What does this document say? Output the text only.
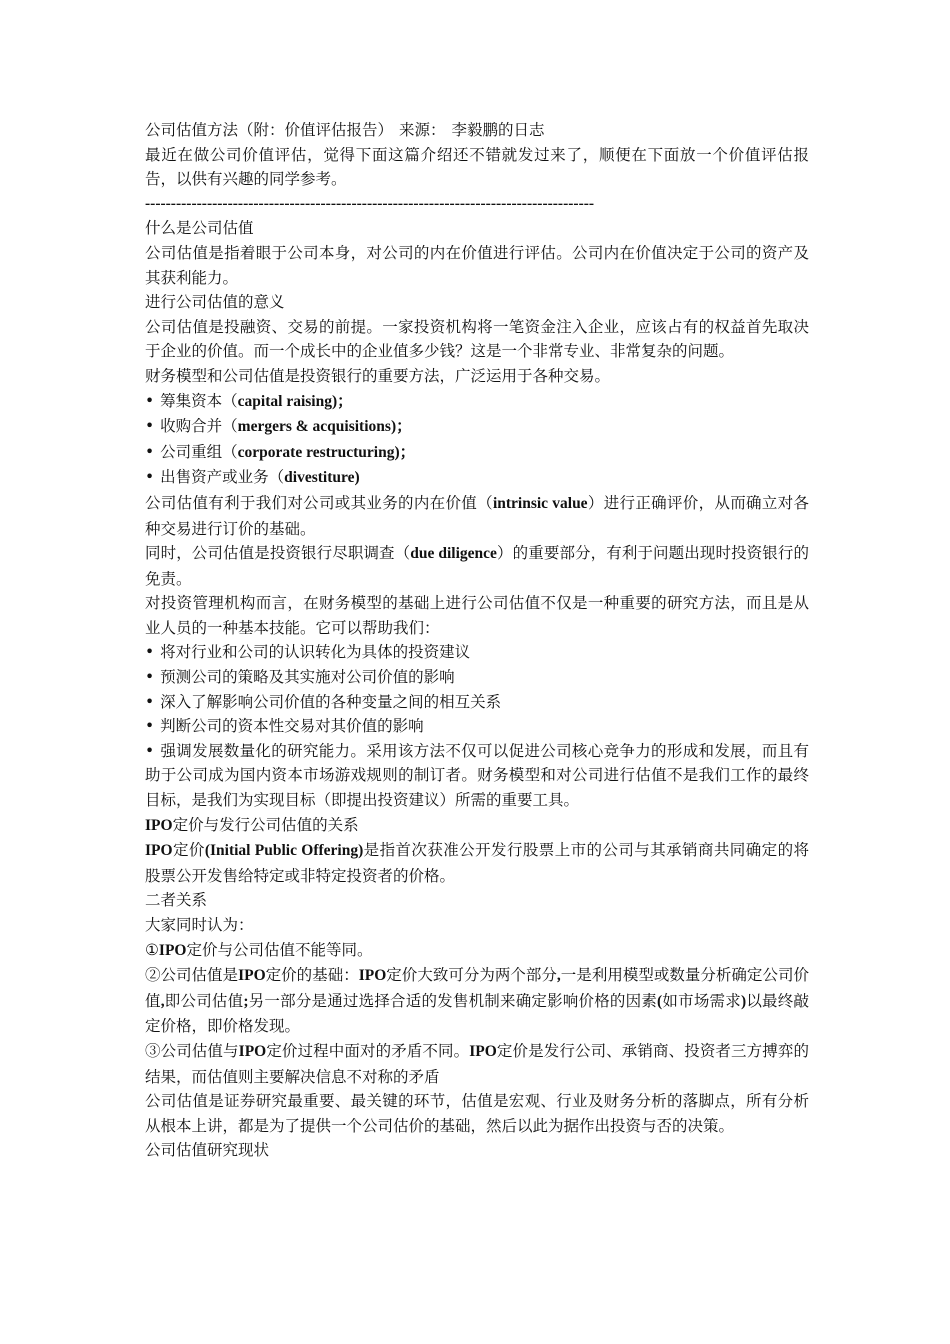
公司估值方法（附：价值评估报告） 来源： 李毅鹏的日志

最近在做公司价值评估，觉得下面这篇介绍还不错就发过来了，顺便在下面放一个价值评估报告，以供有兴趣的同学参考。

---------------------------------------------------------------------------------------

什么是公司估值

公司估值是指着眼于公司本身，对公司的内在价值进行评估。公司内在价值决定于公司的资产及其获利能力。

进行公司估值的意义

公司估值是投融资、交易的前提。一家投资机构将一笔资金注入企业，应该占有的权益首先取决于企业的价值。而一个成长中的企业值多少钱？这是一个非常专业、非常复杂的问题。

财务模型和公司估值是投资银行的重要方法，广泛运用于各种交易。

• 筹集资本（capital raising)；

• 收购合并（mergers & acquisitions)；

• 公司重组（corporate restructuring)；

• 出售资产或业务（divestiture)

公司估值有利于我们对公司或其业务的内在价值（intrinsic value）进行正确评价，从而确立对各种交易进行订价的基础。

同时，公司估值是投资银行尽职调查（due diligence）的重要部分，有利于问题出现时投资银行的免责。

对投资管理机构而言，在财务模型的基础上进行公司估值不仅是一种重要的研究方法，而且是从业人员的一种基本技能。它可以帮助我们：

• 将对行业和公司的认识转化为具体的投资建议

• 预测公司的策略及其实施对公司价值的影响

• 深入了解影响公司价值的各种变量之间的相互关系

• 判断公司的资本性交易对其价值的影响

• 强调发展数量化的研究能力。采用该方法不仅可以促进公司核心竞争力的形成和发展，而且有助于公司成为国内资本市场游戏规则的制订者。财务模型和对公司进行估值不是我们工作的最终目标，是我们为实现目标（即提出投资建议）所需的重要工具。

IPO定价与发行公司估值的关系

IPO定价(Initial Public Offering)是指首次获准公开发行股票上市的公司与其承销商共同确定的将股票公开发售给特定或非特定投资者的价格。

二者关系

大家同时认为：

①IPO定价与公司估值不能等同。

②公司估值是IPO定价的基础：IPO定价大致可分为两个部分,一是利用模型或数量分析确定公司价值,即公司估值;另一部分是通过选择合适的发售机制来确定影响价格的因素(如市场需求)以最终敲定价格，即价格发现。

③公司估值与IPO定价过程中面对的矛盾不同。IPO定价是发行公司、承销商、投资者三方搏弈的结果，而估值则主要解决信息不对称的矛盾

公司估值是证券研究最重要、最关键的环节，估值是宏观、行业及财务分析的落脚点，所有分析从根本上讲，都是为了提供一个公司估价的基础，然后以此为据作出投资与否的决策。

公司估值研究现状
